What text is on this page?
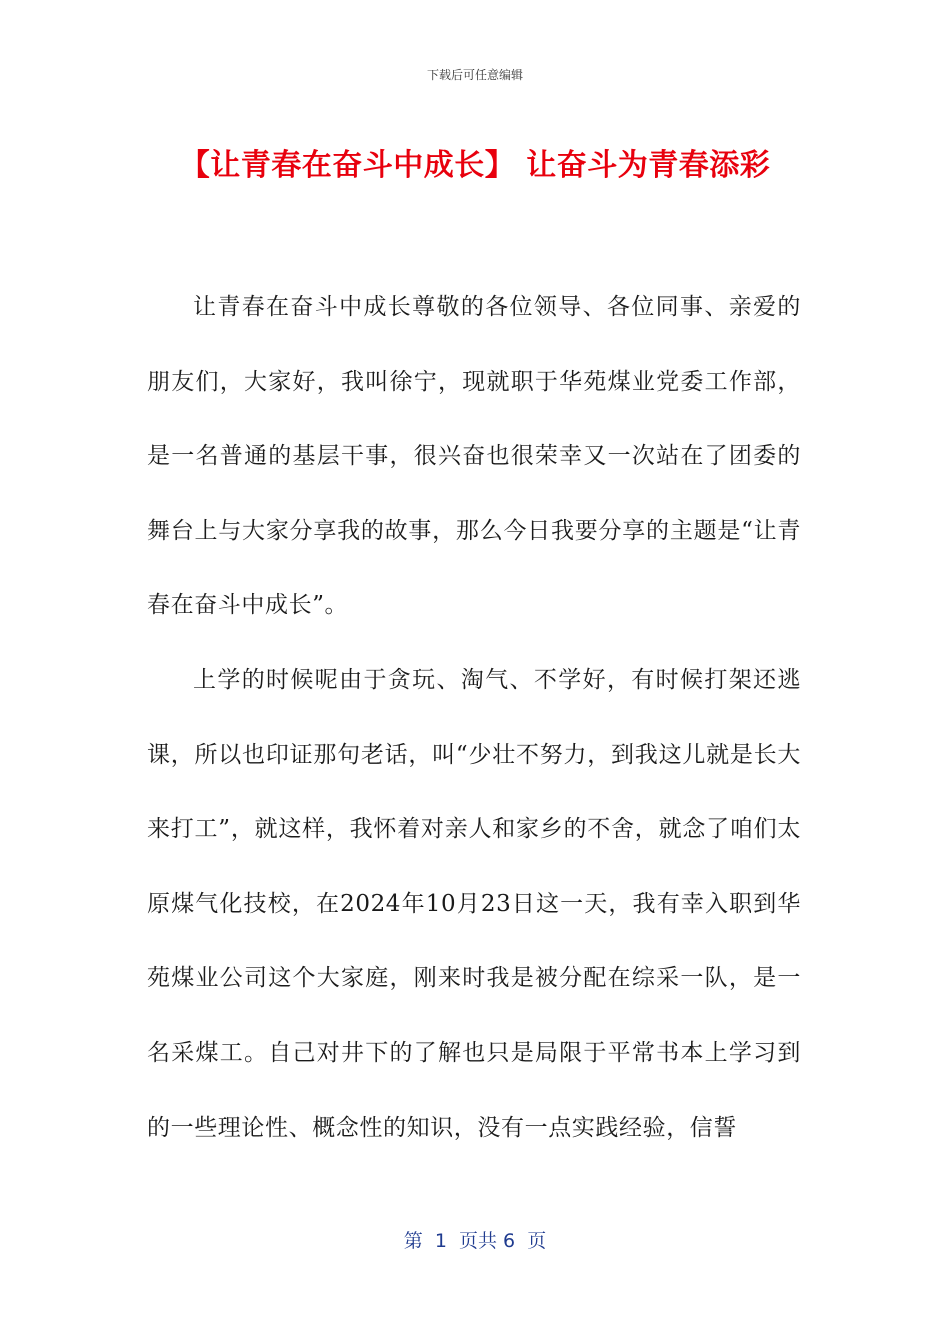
下载后可任意编辑
【让青春在奋斗中成长】 让奋斗为青春添彩

让青春在奋斗中成长尊敬的各位领导、各位同事、亲爱的朋友们，大家好，我叫徐宁，现就职于华苑煤业党委工作部，是一名普通的基层干事，很兴奋也很荣幸又一次站在了团委的舞台上与大家分享我的故事，那么今日我要分享的主题是“让青春在奋斗中成长”。

上学的时候呢由于贪玩、淘气、不学好，有时候打架还逃课，所以也印证那句老话，叫“少壮不努力，到我这儿就是长大来打工”，就这样，我怀着对亲人和家乡的不舍，就念了咱们太原煤气化技校，在2024年10月23日这一天，我有幸入职到华苑煤业公司这个大家庭，刚来时我是被分配在综采一队，是一名采煤工。自己对井下的了解也只是局限于平常书本上学习到的一些理论性、概念性的知识，没有一点实践经验，信誓

第  1  页共 6  页
